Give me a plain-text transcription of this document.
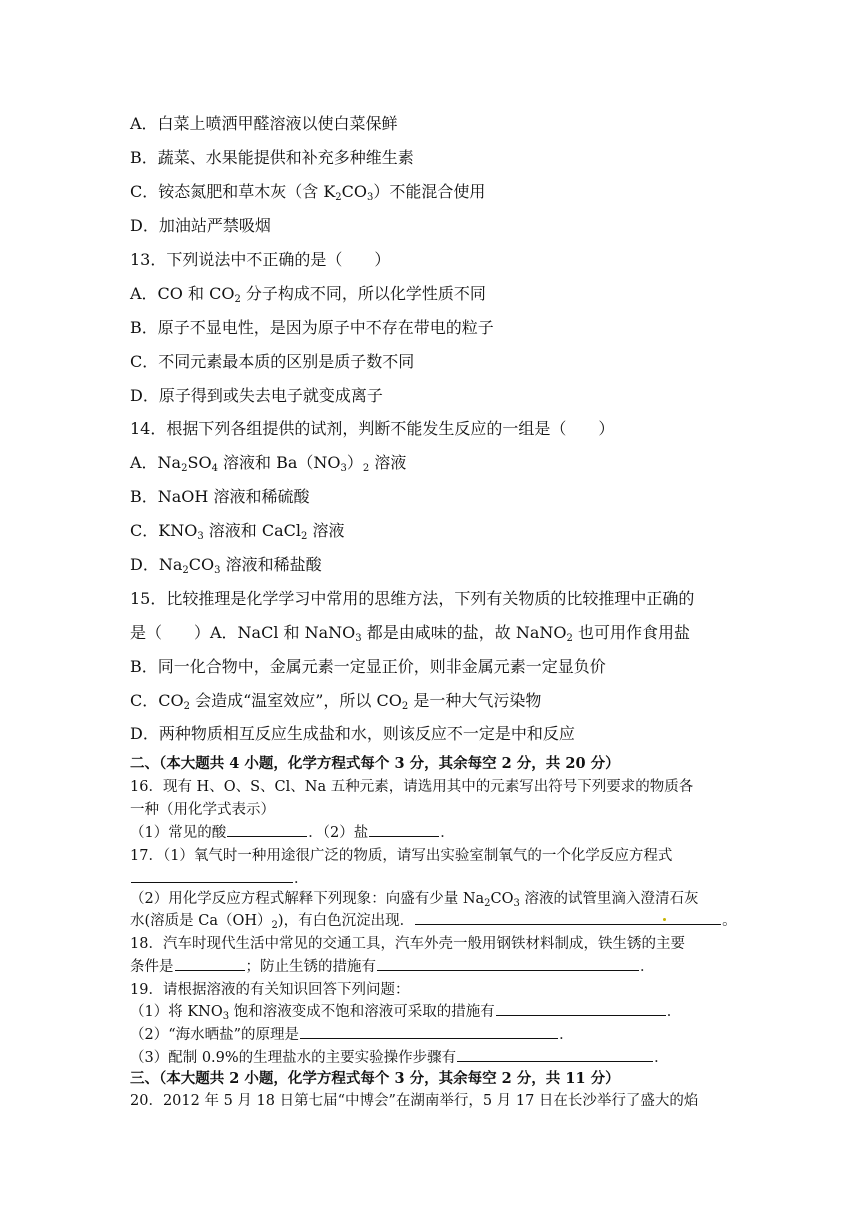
A．白菜上喷洒甲醛溶液以使白菜保鲜
B．蔬菜、水果能提供和补充多种维生素
C．铵态氮肥和草木灰（含 $K_2CO_3$）不能混合使用
D．加油站严禁吸烟
13．下列说法中不正确的是（　　）
A．CO 和 $CO_2$ 分子构成不同，所以化学性质不同
B．原子不显电性，是因为原子中不存在带电的粒子
C．不同元素最本质的区别是质子数不同
D．原子得到或失去电子就变成离子
14．根据下列各组提供的试剂，判断不能发生反应的一组是（　　）
A．$Na_2SO_4$ 溶液和 $Ba(NO_3)_2$ 溶液
B．NaOH 溶液和稀硫酸
C．$KNO_3$ 溶液和 CaCl$_2$ 溶液
D．$Na_2CO_3$ 溶液和稀盐酸
15．比较推理是化学学习中常用的思维方法，下列有关物质的比较推理中正确的
是（　　）A．NaCl 和 NaNO$_3$ 都是由咸味的盐，故 NaNO$_2$ 也可用作食用盐
B．同一化合物中，金属元素一定显正价，则非金属元素一定显负价
C．$CO_2$ 会造成“温室效应”，所以 $CO_2$ 是一种大气污染物
D．两种物质相互反应生成盐和水，则该反应不一定是中和反应
二、（本大题共 4 小题，化学方程式每个 3 分，其余每空 2 分，共 20 分）
16．现有 H、O、S、Cl、Na 五种元素，请选用其中的元素写出符号下列要求的物质各
一种（用化学式表示）
（1）常见的酸	．（2）盐	．
17．（1）氧气时一种用途很广泛的物质，请写出实验室制氧气的一个化学反应方程式
．
（2）用化学反应方程式解释下列现象：向盛有少量 $Na_2CO_3$ 溶液的试管里滴入澄清石灰
水(溶质是 $Ca(OH)_2$)，有白色沉淀出现．	。
18．汽车时现代生活中常见的交通工具，汽车外壳一般用钢铁材料制成，铁生锈的主要
条件是	；防止生锈的措施有	．
19．请根据溶液的有关知识回答下列问题：
（1）将 $KNO_3$ 饱和溶液变成不饱和溶液可采取的措施有	．
（2）“海水晒盐”的原理是	．
（3）配制 0.9%的生理盐水的主要实验操作步骤有	．
三、（本大题共 2 小题，化学方程式每个 3 分，其余每空 2 分，共 11 分）
20．2012 年 5 月 18 日第七届“中博会”在湖南举行，5 月 17 日在长沙举行了盛大的焰
